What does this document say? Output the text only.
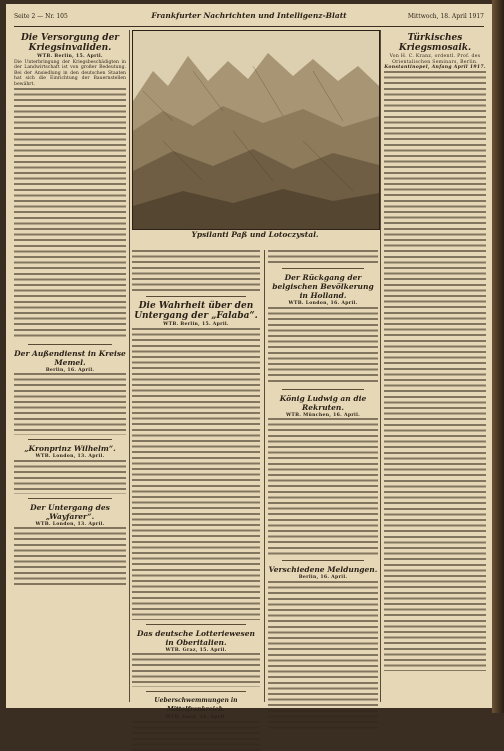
Seite 2 — Nr. 105	Frankfurter Nachrichten und Intelligenz-Blatt	Mittwoch, 18. April 1917
Die Versorgung der Kriegsinvaliden.
WTB. Berlin, 15. April.
Die Unterbringung der Kriegsbeschädigten in der Landwirtschaft ist von großer Bedeutung. Bei der Ansiedlung in den deutschen Staaten hat sich die Einrichtung der Bauernstellen bewährt.
Der Außendienst in Kreise Memel.
Berlin, 16. April.
„Kronprinz Wilhelm“.
WTB. London, 13. April.
Der Untergang des „Wayfarer“.
WTB. London, 13. April.
Ypsilanti Paß und Lotoczystal.
Die Wahrheit über den Untergang der „Falaba“.
WTB. Berlin, 15. April.
Das deutsche Lotteriewesen in Oberitalien.
WTB. Graz, 15. April.
Ueberschwemmungen in Mittelfrankreich.
WTB. Genf, 16. April.
Der Rückgang der belgischen Bevölkerung in Holland.
WTB. London, 16. April.
König Ludwig an die Rekruten.
WTB. München, 16. April.
Verschiedene Meldungen.
Berlin, 16. April.
Türkisches Kriegsmosaik.
Von H. C. Kranz, ordentl. Prof. des Orientalischen Seminars, Berlin.
Konstantinopel, Anfang April 1917.
